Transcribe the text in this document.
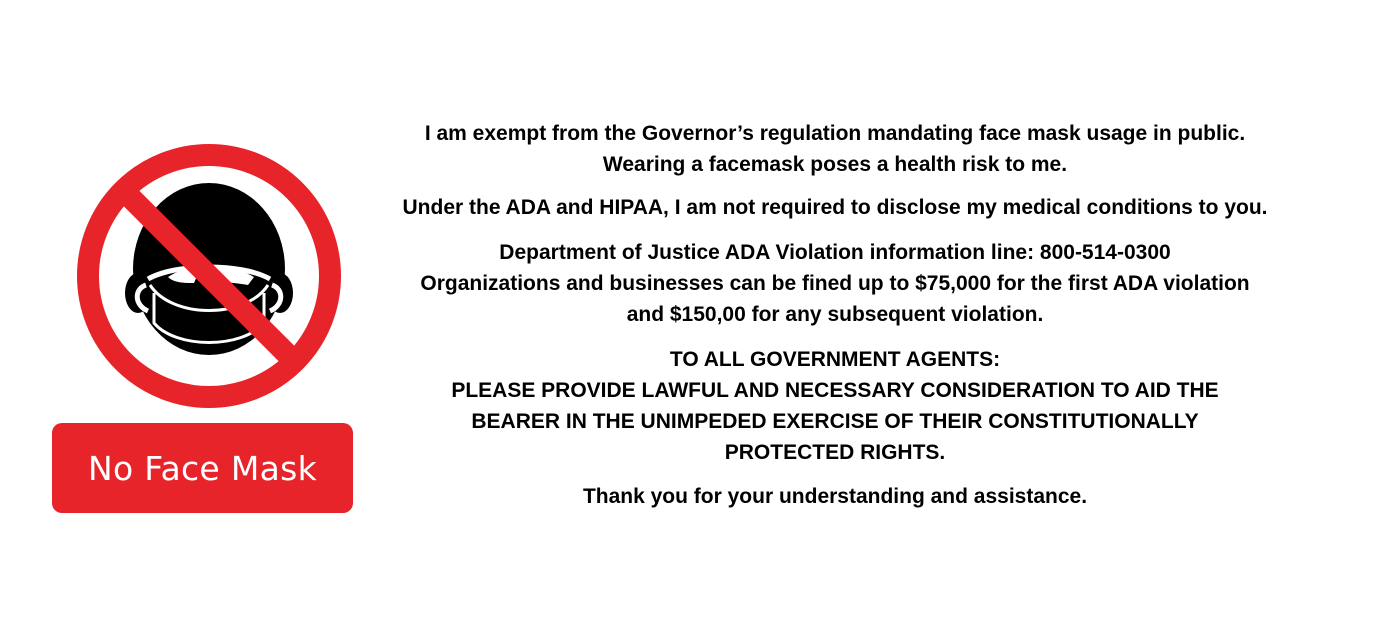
No Face Mask

I am exempt from the Governor’s regulation mandating face mask usage in public.

Wearing a facemask poses a health risk to me.

Under the ADA and HIPAA, I am not required to disclose my medical conditions to you.

Department of Justice ADA Violation information line: 800-514-0300

Organizations and businesses can be fined up to $75,000 for the first ADA violation

and $150,00 for any subsequent violation.

TO ALL GOVERNMENT AGENTS:

PLEASE PROVIDE LAWFUL AND NECESSARY CONSIDERATION TO AID THE

BEARER IN THE UNIMPEDED EXERCISE OF THEIR CONSTITUTIONALLY

PROTECTED RIGHTS.

Thank you for your understanding and assistance.
